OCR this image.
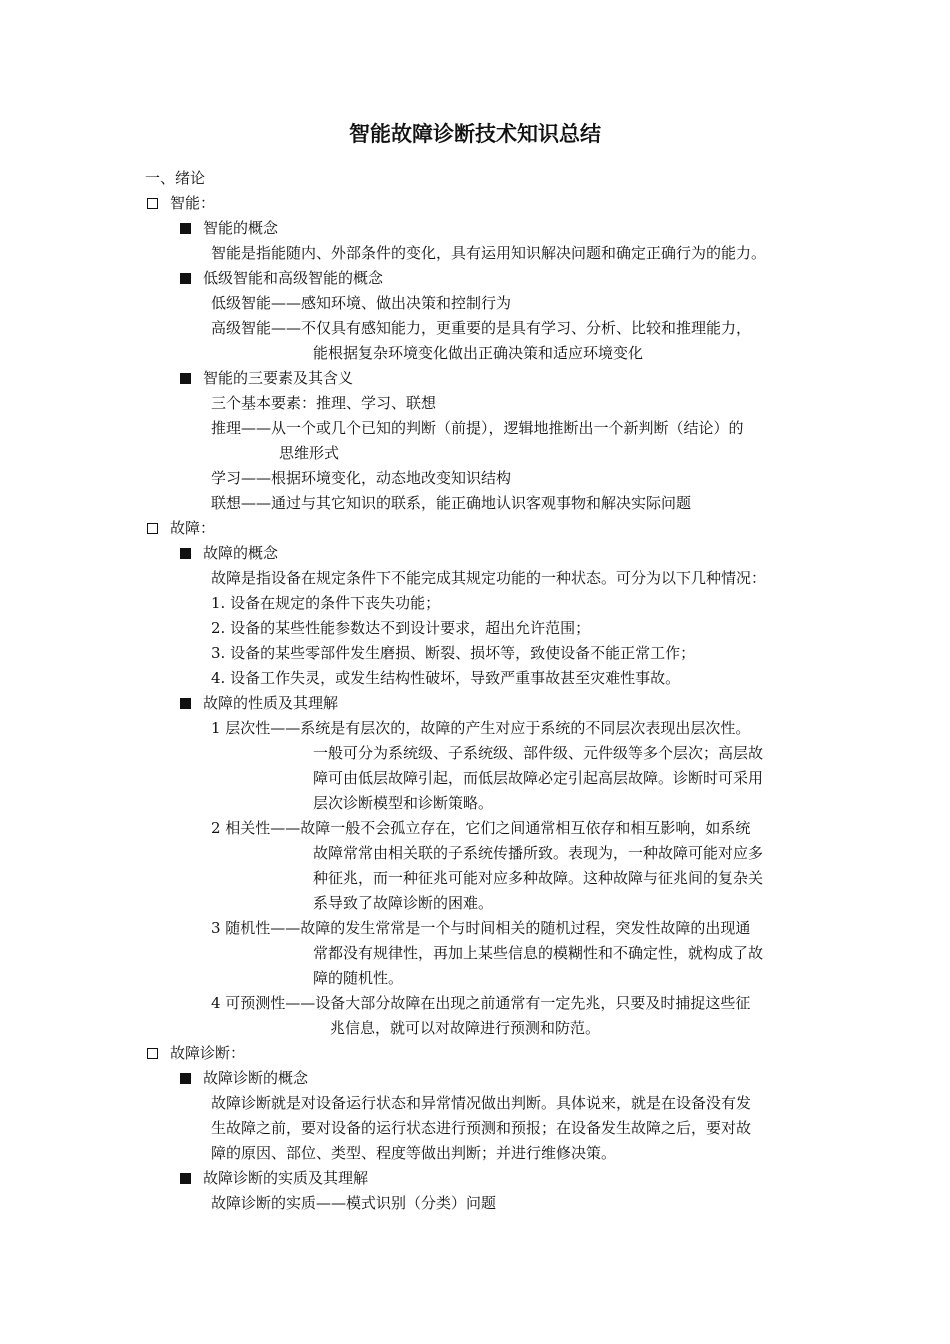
智能故障诊断技术知识总结
一、绪论
智能：
智能的概念
智能是指能随内、外部条件的变化，具有运用知识解决问题和确定正确行为的能力。
低级智能和高级智能的概念
低级智能——感知环境、做出决策和控制行为
高级智能——不仅具有感知能力，更重要的是具有学习、分析、比较和推理能力，
能根据复杂环境变化做出正确决策和适应环境变化
智能的三要素及其含义
三个基本要素：推理、学习、联想
推理——从一个或几个已知的判断（前提），逻辑地推断出一个新判断（结论）的
思维形式
学习——根据环境变化，动态地改变知识结构
联想——通过与其它知识的联系，能正确地认识客观事物和解决实际问题
故障：
故障的概念
故障是指设备在规定条件下不能完成其规定功能的一种状态。可分为以下几种情况：
1. 设备在规定的条件下丧失功能；
2. 设备的某些性能参数达不到设计要求，超出允许范围；
3. 设备的某些零部件发生磨损、断裂、损坏等，致使设备不能正常工作；
4. 设备工作失灵，或发生结构性破坏，导致严重事故甚至灾难性事故。
故障的性质及其理解
1 层次性——系统是有层次的，故障的产生对应于系统的不同层次表现出层次性。
一般可分为系统级、子系统级、部件级、元件级等多个层次；高层故
障可由低层故障引起，而低层故障必定引起高层故障。诊断时可采用
层次诊断模型和诊断策略。
2 相关性——故障一般不会孤立存在，它们之间通常相互依存和相互影响，如系统
故障常常由相关联的子系统传播所致。表现为，一种故障可能对应多
种征兆，而一种征兆可能对应多种故障。这种故障与征兆间的复杂关
系导致了故障诊断的困难。
3 随机性——故障的发生常常是一个与时间相关的随机过程，突发性故障的出现通
常都没有规律性，再加上某些信息的模糊性和不确定性，就构成了故
障的随机性。
4 可预测性——设备大部分故障在出现之前通常有一定先兆，只要及时捕捉这些征
兆信息，就可以对故障进行预测和防范。
故障诊断：
故障诊断的概念
故障诊断就是对设备运行状态和异常情况做出判断。具体说来，就是在设备没有发
生故障之前，要对设备的运行状态进行预测和预报；在设备发生故障之后，要对故
障的原因、部位、类型、程度等做出判断；并进行维修决策。
故障诊断的实质及其理解
故障诊断的实质——模式识别（分类）问题
